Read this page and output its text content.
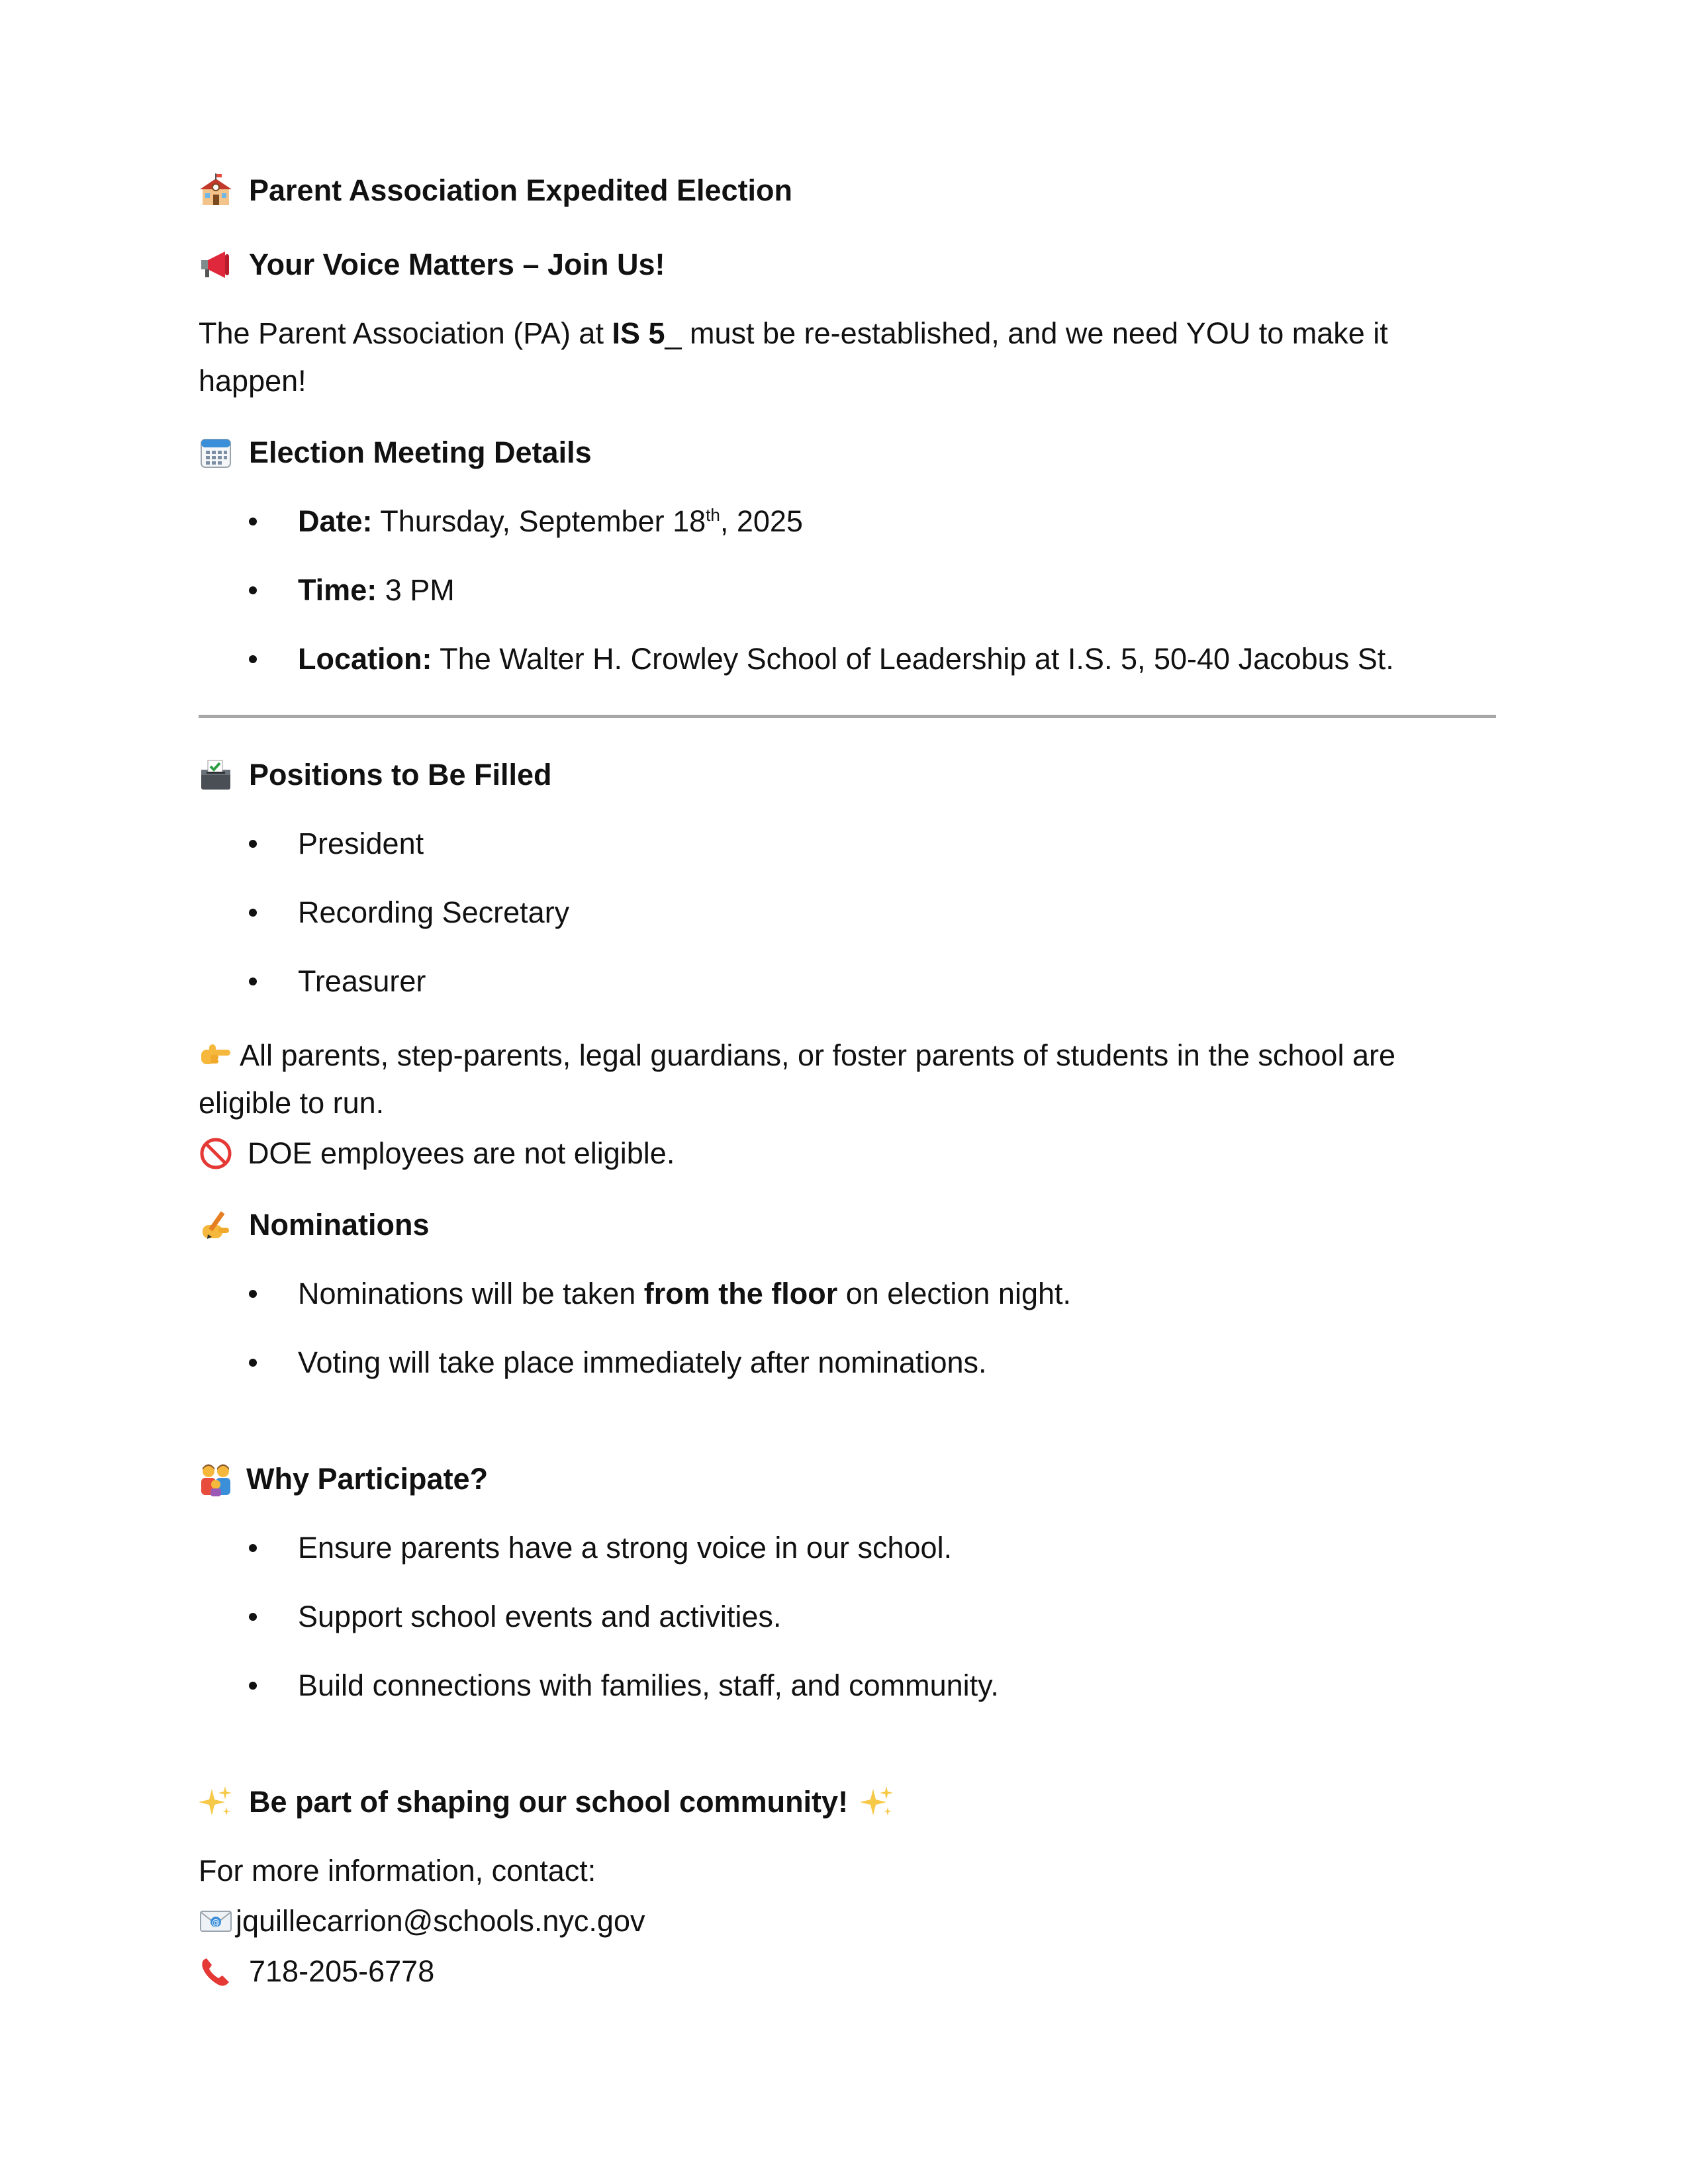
Parent Association Expedited Election
Your Voice Matters – Join Us!

The Parent Association (PA) at IS 5_ must be re-established, and we need YOU to make it happen!

Election Meeting Details
Date: Thursday, September 18th, 2025
Time: 3 PM
Location: The Walter H. Crowley School of Leadership at I.S. 5, 50-40 Jacobus St.
Positions to Be Filled
President
Recording Secretary
Treasurer

All parents, step-parents, legal guardians, or foster parents of students in the school are eligible to run.

DOE employees are not eligible.
Nominations
Nominations will be taken from the floor on election night.
Voting will take place immediately after nominations.
Why Participate?
Ensure parents have a strong voice in our school.
Support school events and activities.
Build connections with families, staff, and community.
Be part of shaping our school community!

For more information, contact:

@ jquillecarrion@schools.nyc.gov
718-205-6778
